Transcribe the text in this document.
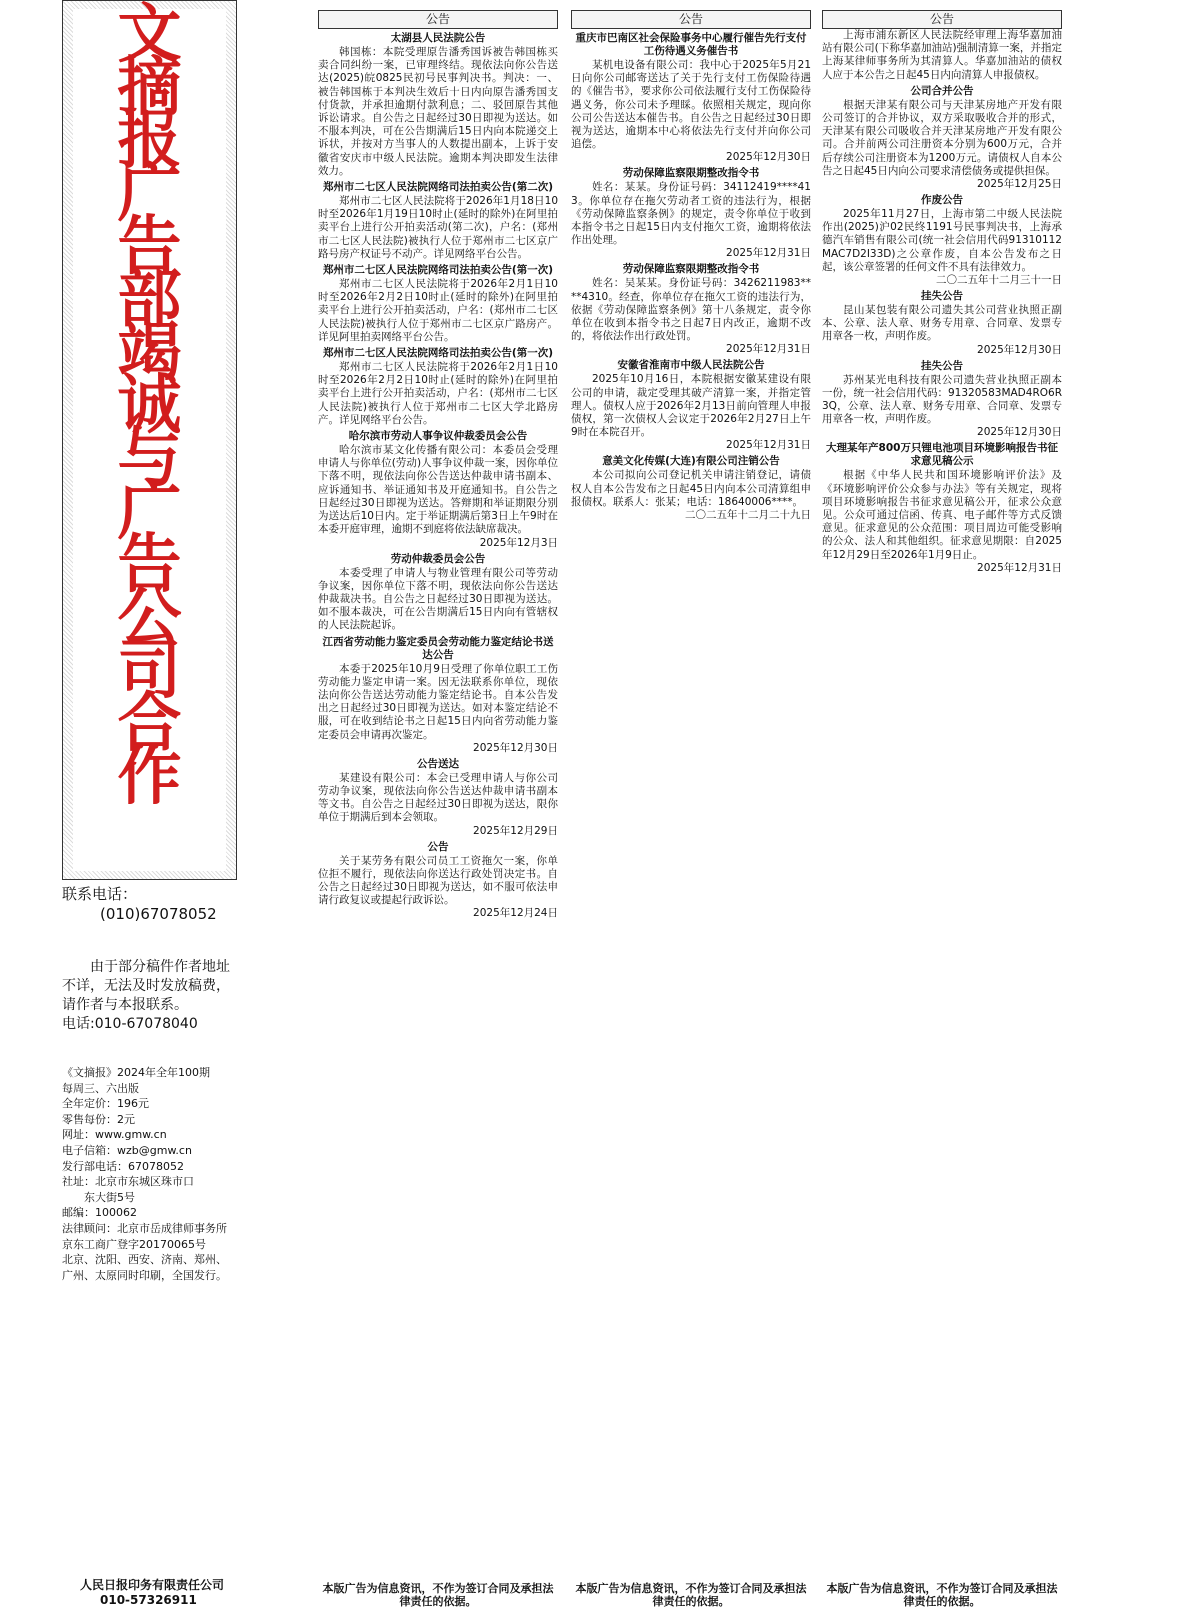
文
摘
报
广
告
部
竭
诚
与
广
告
公
司
合
作
联系电话：
(010)67078052

由于部分稿件作者地址不详，无法及时发放稿费，请作者与本报联系。

电话:010-67078040
《文摘报》2024年全年100期
每周三、六出版
全年定价：196元
零售每份：2元
网址：www.gmw.cn
电子信箱：wzb@gmw.cn
发行部电话：67078052
社址：北京市东城区珠市口
　　东大街5号
邮编：100062
法律顾问：北京市岳成律师事务所
京东工商广登字20170065号
北京、沈阳、西安、济南、郑州、广州、太原同时印刷，全国发行。
人民日报印务有限责任公司
010-57326911
公告
太湖县人民法院公告

韩国栋：本院受理原告潘秀国诉被告韩国栋买卖合同纠纷一案，已审理终结。现依法向你公告送达(2025)皖0825民初号民事判决书。判决：一、被告韩国栋于本判决生效后十日内向原告潘秀国支付货款，并承担逾期付款利息；二、驳回原告其他诉讼请求。自公告之日起经过30日即视为送达。如不服本判决，可在公告期满后15日内向本院递交上诉状，并按对方当事人的人数提出副本，上诉于安徽省安庆市中级人民法院。逾期本判决即发生法律效力。

郑州市二七区人民法院网络司法拍卖公告(第二次)

郑州市二七区人民法院将于2026年1月18日10时至2026年1月19日10时止(延时的除外)在阿里拍卖平台上进行公开拍卖活动(第二次)，户名：(郑州市二七区人民法院)被执行人位于郑州市二七区京广路号房产权证号不动产。详见网络平台公告。

郑州市二七区人民法院网络司法拍卖公告(第一次)

郑州市二七区人民法院将于2026年2月1日10时至2026年2月2日10时止(延时的除外)在阿里拍卖平台上进行公开拍卖活动，户名：(郑州市二七区人民法院)被执行人位于郑州市二七区京广路房产。详见阿里拍卖网络平台公告。

郑州市二七区人民法院网络司法拍卖公告(第一次)

郑州市二七区人民法院将于2026年2月1日10时至2026年2月2日10时止(延时的除外)在阿里拍卖平台上进行公开拍卖活动，户名：(郑州市二七区人民法院)被执行人位于郑州市二七区大学北路房产。详见网络平台公告。

哈尔滨市劳动人事争议仲裁委员会公告

哈尔滨市某文化传播有限公司：本委员会受理申请人与你单位(劳动)人事争议仲裁一案，因你单位下落不明，现依法向你公告送达仲裁申请书副本、应诉通知书、举证通知书及开庭通知书。自公告之日起经过30日即视为送达。答辩期和举证期限分别为送达后10日内。定于举证期满后第3日上午9时在本委开庭审理，逾期不到庭将依法缺席裁决。

2025年12月3日
劳动仲裁委员会公告

本委受理了申请人与物业管理有限公司等劳动争议案，因你单位下落不明，现依法向你公告送达仲裁裁决书。自公告之日起经过30日即视为送达。如不服本裁决，可在公告期满后15日内向有管辖权的人民法院起诉。

江西省劳动能力鉴定委员会劳动能力鉴定结论书送达公告

本委于2025年10月9日受理了你单位职工工伤劳动能力鉴定申请一案。因无法联系你单位，现依法向你公告送达劳动能力鉴定结论书。自本公告发出之日起经过30日即视为送达。如对本鉴定结论不服，可在收到结论书之日起15日内向省劳动能力鉴定委员会申请再次鉴定。

2025年12月30日
公告送达

某建设有限公司：本会已受理申请人与你公司劳动争议案，现依法向你公告送达仲裁申请书副本等文书。自公告之日起经过30日即视为送达，限你单位于期满后到本会领取。

2025年12月29日
公告

关于某劳务有限公司员工工资拖欠一案，你单位拒不履行，现依法向你送达行政处罚决定书。自公告之日起经过30日即视为送达，如不服可依法申请行政复议或提起行政诉讼。

2025年12月24日
本版广告为信息资讯，不作为签订合同及承担法律责任的依据。
公告
重庆市巴南区社会保险事务中心履行催告先行支付工伤待遇义务催告书

某机电设备有限公司：我中心于2025年5月21日向你公司邮寄送达了关于先行支付工伤保险待遇的《催告书》，要求你公司依法履行支付工伤保险待遇义务，你公司未予理睬。依照相关规定，现向你公司公告送达本催告书。自公告之日起经过30日即视为送达，逾期本中心将依法先行支付并向你公司追偿。

2025年12月30日
劳动保障监察限期整改指令书

姓名：某某。身份证号码：34112419****413。你单位存在拖欠劳动者工资的违法行为，根据《劳动保障监察条例》的规定，责令你单位于收到本指令书之日起15日内支付拖欠工资，逾期将依法作出处理。

2025年12月31日
劳动保障监察限期整改指令书

姓名：吴某某。身份证号码：3426211983****4310。经查，你单位存在拖欠工资的违法行为，依据《劳动保障监察条例》第十八条规定，责令你单位在收到本指令书之日起7日内改正，逾期不改的，将依法作出行政处罚。

2025年12月31日
安徽省淮南市中级人民法院公告

2025年10月16日，本院根据安徽某建设有限公司的申请，裁定受理其破产清算一案，并指定管理人。债权人应于2026年2月13日前向管理人申报债权，第一次债权人会议定于2026年2月27日上午9时在本院召开。

2025年12月31日
意美文化传媒(大连)有限公司注销公告

本公司拟向公司登记机关申请注销登记，请债权人自本公告发布之日起45日内向本公司清算组申报债权。联系人：张某；电话：18640006****。

二〇二五年十二月二十九日
本版广告为信息资讯，不作为签订合同及承担法律责任的依据。
公告

上海市浦东新区人民法院经审理上海华嘉加油站有限公司(下称华嘉加油站)强制清算一案，并指定上海某律师事务所为其清算人。华嘉加油站的债权人应于本公告之日起45日内向清算人申报债权。

公司合并公告

根据天津某有限公司与天津某房地产开发有限公司签订的合并协议，双方采取吸收合并的形式，天津某有限公司吸收合并天津某房地产开发有限公司。合并前两公司注册资本分别为600万元，合并后存续公司注册资本为1200万元。请债权人自本公告之日起45日内向公司要求清偿债务或提供担保。

2025年12月25日
作废公告

2025年11月27日，上海市第二中级人民法院作出(2025)沪02民终1191号民事判决书，上海承德汽车销售有限公司(统一社会信用代码91310112MAC7D2I33D)之公章作废，自本公告发布之日起，该公章签署的任何文件不具有法律效力。

二〇二五年十二月三十一日
挂失公告

昆山某包装有限公司遗失其公司营业执照正副本、公章、法人章、财务专用章、合同章、发票专用章各一枚，声明作废。

2025年12月30日
挂失公告

苏州某光电科技有限公司遗失营业执照正副本一份，统一社会信用代码：91320583MAD4RO6R3Q，公章、法人章、财务专用章、合同章、发票专用章各一枚，声明作废。

2025年12月30日
大理某年产800万只锂电池项目环境影响报告书征求意见稿公示

根据《中华人民共和国环境影响评价法》及《环境影响评价公众参与办法》等有关规定，现将项目环境影响报告书征求意见稿公开，征求公众意见。公众可通过信函、传真、电子邮件等方式反馈意见。征求意见的公众范围：项目周边可能受影响的公众、法人和其他组织。征求意见期限：自2025年12月29日至2026年1月9日止。

2025年12月31日
本版广告为信息资讯，不作为签订合同及承担法律责任的依据。
